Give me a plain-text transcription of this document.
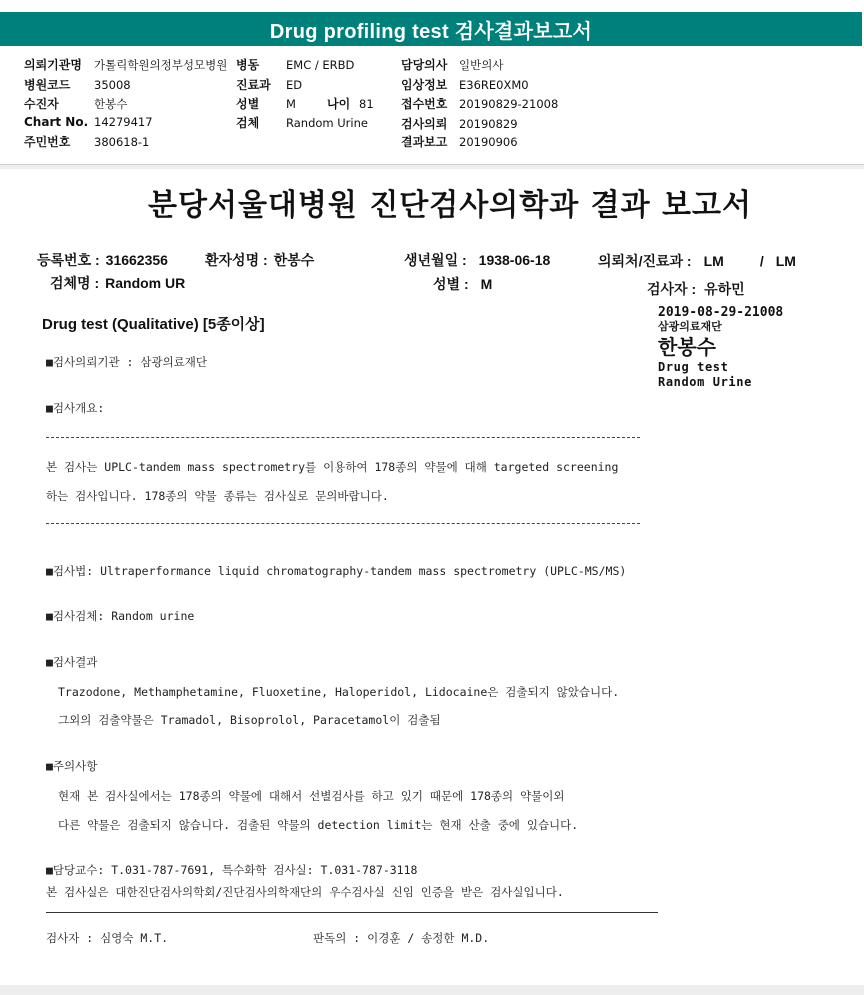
Drug profiling test 검사결과보고서
의뢰기관명 가톨릭학원의정부성모병원
병원코드 35008
수진자	한봉수
Chart No. 14279417
주민번호 380618-1
병동 EMC / ERBD
진료과 ED
성별 M	나이 81
검체 Random Urine
담당의사 일반의사
임상정보 E36RE0XM0
접수번호 20190829-21008
검사의뢰 20190829
결과보고 20190906
분당서울대병원 진단검사의학과 결과 보고서
등록번호 : 31662356	환자성명 : 한봉수	생년월일 : 1938-06-18	의뢰처/진료과 : LM	/ LM
검체명 : Random UR	성별 : M	검사자 : 유하민
Drug test (Qualitative) [5종이상]
2019-08-29-21008
삼광의료재단
한봉수
Drug test
Random Urine
■검사의뢰기관 : 삼광의료재단
■검사개요:
본 검사는 UPLC-tandem mass spectrometry를 이용하여 178종의 약물에 대해 targeted screening
하는 검사입니다. 178종의 약물 종류는 검사실로 문의바랍니다.
■검사법: Ultraperformance liquid chromatography-tandem mass spectrometry (UPLC-MS/MS)
■검사검체: Random urine
■검사결과
Trazodone, Methamphetamine, Fluoxetine, Haloperidol, Lidocaine은 검출되지 않았습니다.
그외의 검출약물은 Tramadol, Bisoprolol, Paracetamol이 검출됨
■주의사항
현재 본 검사실에서는 178종의 약물에 대해서 선별검사를 하고 있기 때문에 178종의 약물이외
다른 약물은 검출되지 않습니다. 검출된 약물의 detection limit는 현재 산출 중에 있습니다.
■담당교수: T.031-787-7691, 특수화학 검사실: T.031-787-3118
본 검사실은 대한진단검사의학회/진단검사의학재단의 우수검사실 신임 인증을 받은 검사실입니다.
검사자 : 심영숙 M.T.	판독의 : 이경훈 / 송정한 M.D.
